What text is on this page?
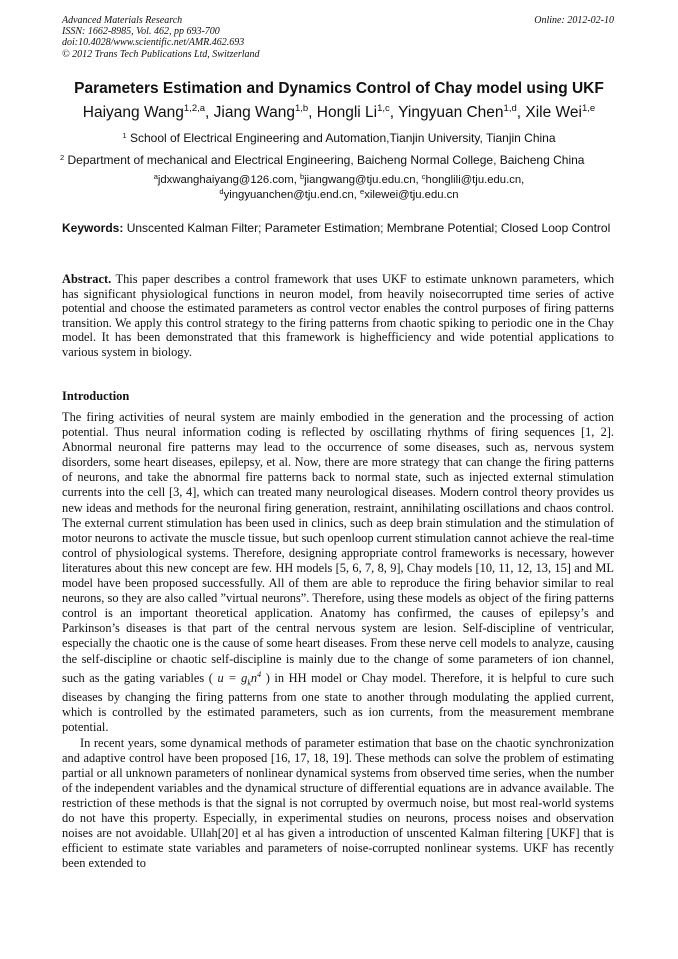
Advanced Materials Research
ISSN: 1662-8985, Vol. 462, pp 693-700
doi:10.4028/www.scientific.net/AMR.462.693
© 2012 Trans Tech Publications Ltd, Switzerland
Online: 2012-02-10
Parameters Estimation and Dynamics Control of Chay model using UKF
Haiyang Wang$^{1,2,a}$, Jiang Wang$^{1,b}$, Hongli Li$^{1,c}$, Yingyuan Chen$^{1,d}$, Xile Wei$^{1,e}$
$^1$ School of Electrical Engineering and Automation,Tianjin University, Tianjin China
$^2$ Department of mechanical and Electrical Engineering, Baicheng Normal College, Baicheng China
$^a$jdxwanghaiyang@126.com, $^b$jiangwang@tju.edu.cn, $^c$honglili@tju.edu.cn,
$^d$yingyuanchen@tju.end.cn, $^e$xilewei@tju.edu.cn
Keywords: Unscented Kalman Filter; Parameter Estimation; Membrane Potential; Closed Loop Control
Abstract. This paper describes a control framework that uses UKF to estimate unknown parameters, which has significant physiological functions in neuron model, from heavily noisecorrupted time series of active potential and choose the estimated parameters as control vector enables the control purposes of firing patterns transition. We apply this control strategy to the firing patterns from chaotic spiking to periodic one in the Chay model. It has been demonstrated that this framework is highefficiency and wide potential applications to various system in biology.
Introduction

The firing activities of neural system are mainly embodied in the generation and the processing of action potential. Thus neural information coding is reflected by oscillating rhythms of firing sequences [1, 2]. Abnormal neuronal fire patterns may lead to the occurrence of some diseases, such as, nervous system disorders, some heart diseases, epilepsy, et al. Now, there are more strategy that can change the firing patterns of neurons, and take the abnormal fire patterns back to normal state, such as injected external stimulation currents into the cell [3, 4], which can treated many neurological diseases. Modern control theory provides us new ideas and methods for the neuronal firing generation, restraint, annihilating oscillations and chaos control. The external current stimulation has been used in clinics, such as deep brain stimulation and the stimulation of motor neurons to activate the muscle tissue, but such openloop current stimulation cannot achieve the real-time control of physiological systems. Therefore, designing appropriate control frameworks is necessary, however literatures about this new concept are few. HH models [5, 6, 7, 8, 9], Chay models [10, 11, 12, 13, 15] and ML model have been proposed successfully. All of them are able to reproduce the firing behavior similar to real neurons, so they are also called ”virtual neurons”. Therefore, using these models as object of the firing patterns control is an important theoretical application. Anatomy has confirmed, the causes of epilepsy’s and Parkinson’s diseases is that part of the central nervous system are lesion. Self-discipline of ventricular, especially the chaotic one is the cause of some heart diseases. From these nerve cell models to analyze, causing the self-discipline or chaotic self-discipline is mainly due to the change of some parameters of ion channel, such as the gating variables ( $u = g_kn^4$ ) in HH model or Chay model. Therefore, it is helpful to cure such diseases by changing the firing patterns from one state to another through modulating the applied current, which is controlled by the estimated parameters, such as ion currents, from the measurement membrane potential.

In recent years, some dynamical methods of parameter estimation that base on the chaotic synchronization and adaptive control have been proposed [16, 17, 18, 19]. These methods can solve the problem of estimating partial or all unknown parameters of nonlinear dynamical systems from observed time series, when the number of the independent variables and the dynamical structure of differential equations are in advance available. The restriction of these methods is that the signal is not corrupted by overmuch noise, but most real-world systems do not have this property. Especially, in experimental studies on neurons, process noises and observation noises are not avoidable. Ullah[20] et al has given a introduction of unscented Kalman filtering [UKF] that is efficient to estimate state variables and parameters of noise-corrupted nonlinear systems. UKF has recently been extended to
